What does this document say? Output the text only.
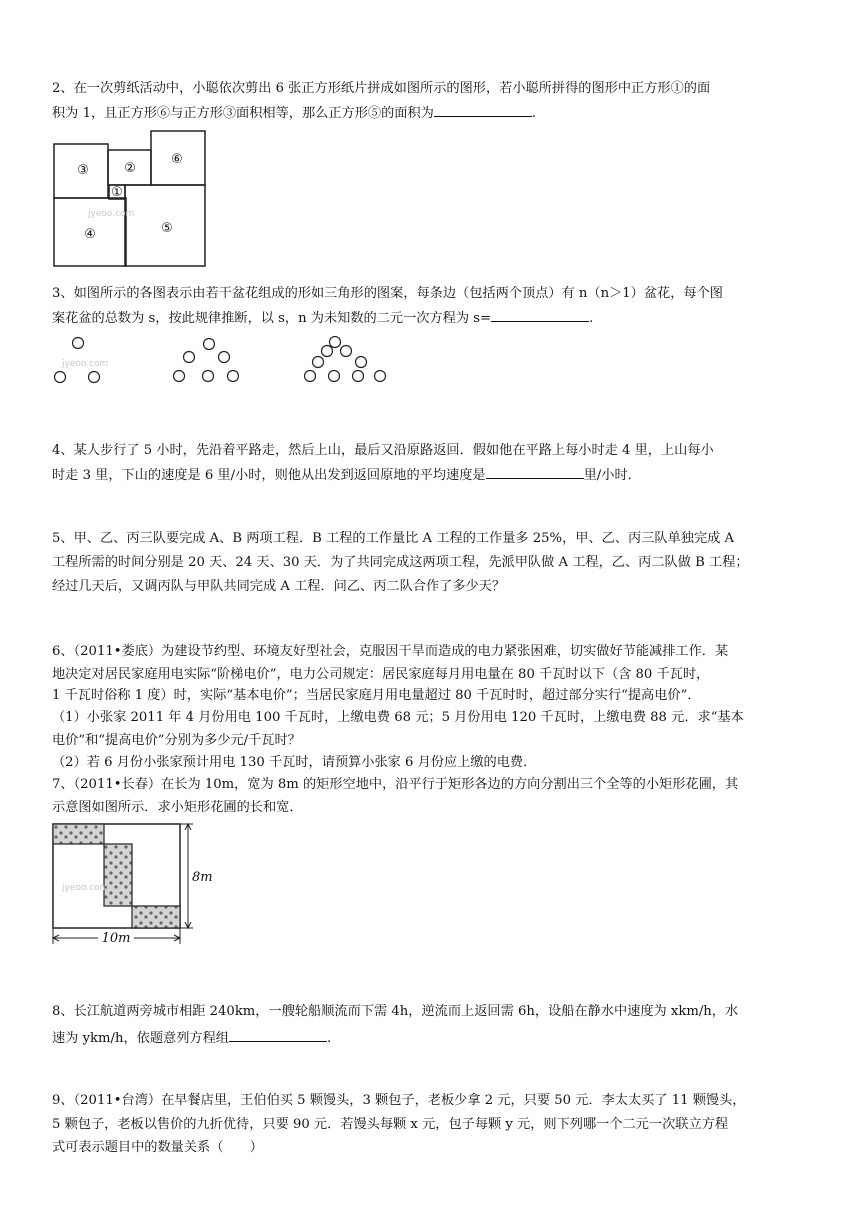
2、在一次剪纸活动中，小聪依次剪出 6 张正方形纸片拼成如图所示的图形，若小聪所拼得的图形中正方形①的面
积为 1，且正方形⑥与正方形③面积相等，那么正方形⑤的面积为	.
jyeoo.com
③	②
⑥
①
④	⑤
3、如图所示的各图表示由若干盆花组成的形如三角形的图案，每条边（包括两个顶点）有 n（n＞1）盆花，每个图
案花盆的总数为 s，按此规律推断，以 s，n 为未知数的二元一次方程为 s=	.
jyeoo.com
4、某人步行了 5 小时，先沿着平路走，然后上山，最后又沿原路返回．假如他在平路上每小时走 4 里，上山每小
时走 3 里，下山的速度是 6 里/小时，则他从出发到返回原地的平均速度是	里/小时．
5、甲、乙、丙三队要完成 A、B 两项工程．B 工程的工作量比 A 工程的工作量多 25%，甲、乙、丙三队单独完成 A
工程所需的时间分别是 20 天、24 天、30 天．为了共同完成这两项工程，先派甲队做 A 工程，乙、丙二队做 B 工程；
经过几天后，又调丙队与甲队共同完成 A 工程．问乙、丙二队合作了多少天？
6、（2011•娄底）为建设节约型、环境友好型社会，克服因干旱而造成的电力紧张困难，切实做好节能减排工作．某
地决定对居民家庭用电实际“阶梯电价”，电力公司规定：居民家庭每月用电量在 80 千瓦时以下（含 80 千瓦时，
1 千瓦时俗称 1 度）时，实际“基本电价”；当居民家庭月用电量超过 80 千瓦时时，超过部分实行“提高电价”．
（1）小张家 2011 年 4 月份用电 100 千瓦时，上缴电费 68 元；5 月份用电 120 千瓦时，上缴电费 88 元．求“基本
电价”和“提高电价”分别为多少元/千瓦时？
（2）若 6 月份小张家预计用电 130 千瓦时，请预算小张家 6 月份应上缴的电费．
7、（2011•长春）在长为 10m，宽为 8m 的矩形空地中，沿平行于矩形各边的方向分割出三个全等的小矩形花圃，其
示意图如图所示．求小矩形花圃的长和宽．
jyeoo.com
8m
10m
8、长江航道两旁城市相距 240km，一艘轮船顺流而下需 4h，逆流而上返回需 6h，设船在静水中速度为 xkm/h，水
速为 ykm/h，依题意列方程组	.
9、（2011•台湾）在早餐店里，王伯伯买 5 颗馒头，3 颗包子，老板少拿 2 元，只要 50 元．李太太买了 11 颗馒头，
5 颗包子，老板以售价的九折优待，只要 90 元．若馒头每颗 x 元，包子每颗 y 元，则下列哪一个二元一次联立方程
式可表示题目中的数量关系（　　）
